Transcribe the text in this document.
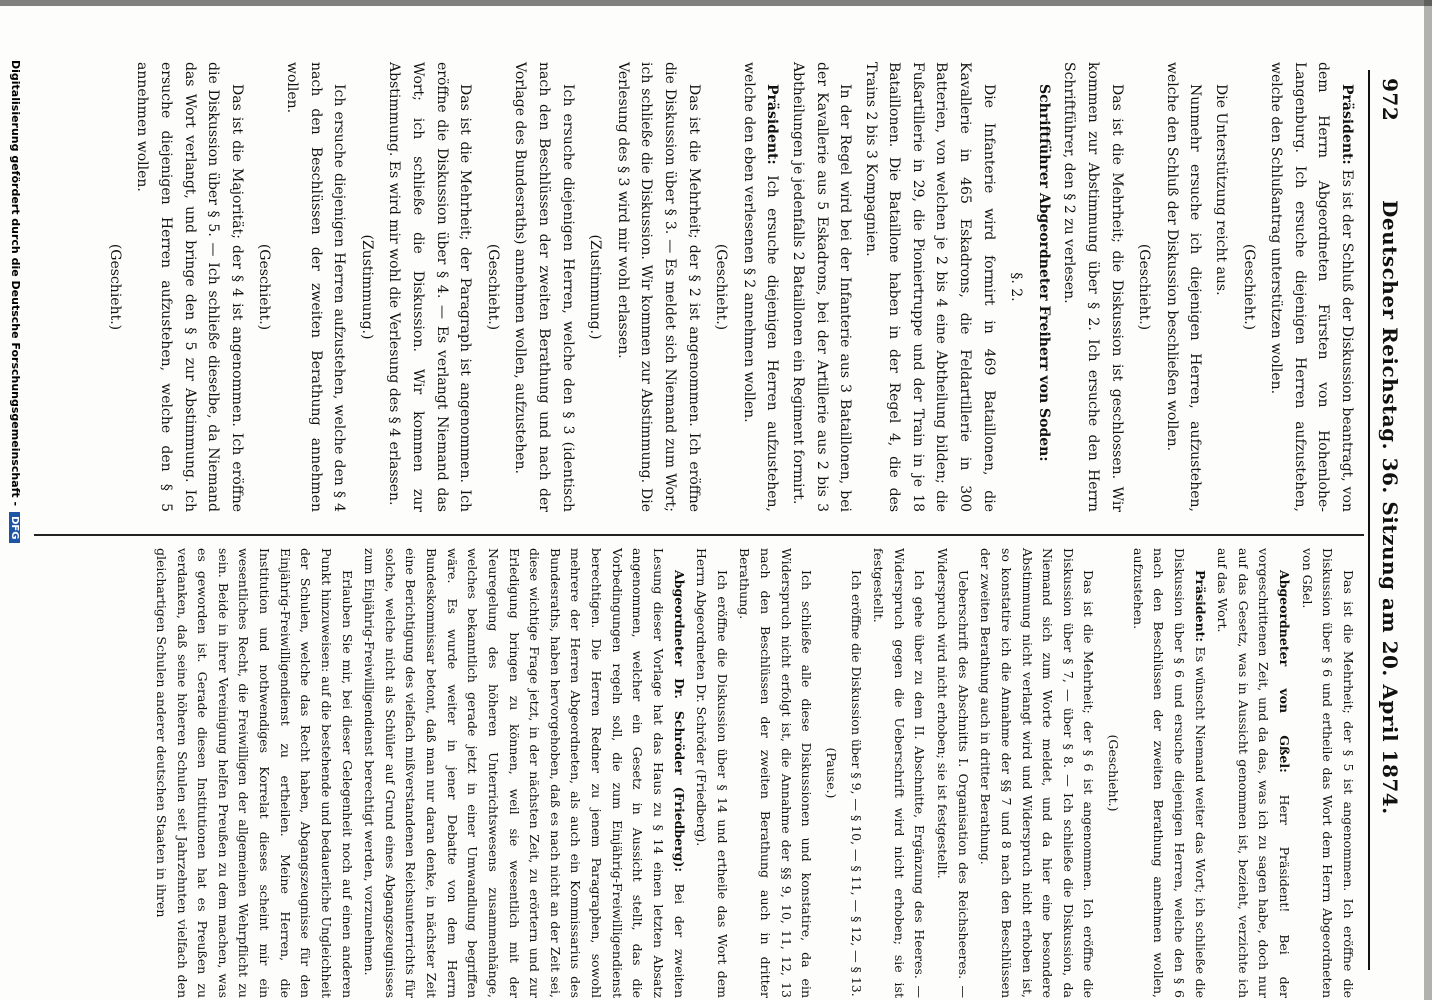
972
Deutscher Reichstag. 36. Sitzung am 20. April 1874.

Präsident: Es ist der Schluß der Diskussion beantragt, von dem Herrn Abgeordneten Fürsten von Hohenlohe-Langenburg. Ich ersuche diejenigen Herren aufzustehen, welche den Schlußantrag unterstützen wollen.

(Geschieht.)

Die Unterstützung reicht aus.

Nunmehr ersuche ich diejenigen Herren, aufzustehen, welche den Schluß der Diskussion beschließen wollen.

(Geschieht.)

Das ist die Mehrheit; die Diskussion ist geschlossen. Wir kommen zur Abstimmung über § 2. Ich ersuche den Herrn Schriftführer, den § 2 zu verlesen.

Schriftführer Abgeordneter Freiherr von Soden:

§. 2.

Die Infanterie wird formirt in 469 Bataillonen, die Kavallerie in 465 Eskadrons, die Feldartillerie in 300 Batterien, von welchen je 2 bis 4 eine Abtheilung bilden; die Fußartillerie in 29, die Pioniertruppe und der Train in je 18 Bataillonen. Die Bataillone haben in der Regel 4, die des Trains 2 bis 3 Kompagnien.

In der Regel wird bei der Infanterie aus 3 Bataillonen, bei der Kavallerie aus 5 Eskadrons, bei der Artillerie aus 2 bis 3 Abtheilungen je jedenfalls 2 Bataillonen ein Regiment formirt.

Präsident: Ich ersuche diejenigen Herren aufzustehen, welche den eben verlesenen § 2 annehmen wollen.

(Geschieht.)

Das ist die Mehrheit; der § 2 ist angenommen. Ich eröffne die Diskussion über § 3. — Es meldet sich Niemand zum Wort; ich schließe die Diskussion. Wir kommen zur Abstimmung. Die Verlesung des § 3 wird mir wohl erlassen.

(Zustimmung.)

Ich ersuche diejenigen Herren, welche den § 3 (identisch nach den Beschlüssen der zweiten Berathung und nach der Vorlage des Bundesraths) annehmen wollen, aufzustehen.

(Geschieht.)

Das ist die Mehrheit; der Paragraph ist angenommen. Ich eröffne die Diskussion über § 4. — Es verlangt Niemand das Wort; ich schließe die Diskussion. Wir kommen zur Abstimmung. Es wird mir wohl die Verlesung des § 4 erlassen.

(Zustimmung.)

Ich ersuche diejenigen Herren aufzustehen, welche den § 4 nach den Beschlüssen der zweiten Berathung annehmen wollen.

(Geschieht.)

Das ist die Majorität; der § 4 ist angenommen. Ich eröffne die Diskussion über § 5. — Ich schließe dieselbe, da Niemand das Wort verlangt, und bringe den § 5 zur Abstimmung. Ich ersuche diejenigen Herren aufzustehen, welche den § 5 annehmen wollen.

(Geschieht.)

Das ist die Mehrheit; der § 5 ist angenommen. Ich eröffne die Diskussion über § 6 und ertheile das Wort dem Herrn Abgeordneten von Gßel.

Abgeordneter von Gßel: Herr Präsident! Bei der vorgeschrittenen Zeit, und da das, was ich zu sagen habe, doch nur auf das Gesetz, was in Aussicht genommen ist, bezieht, verzichte ich auf das Wort.

Präsident: Es wünscht Niemand weiter das Wort; ich schließe die Diskussion über § 6 und ersuche diejenigen Herren, welche den § 6 nach den Beschlüssen der zweiten Berathung annehmen wollen, aufzustehen.

(Geschieht.)

Das ist die Mehrheit; der § 6 ist angenommen. Ich eröffne die Diskussion über § 7, — über § 8. — Ich schließe die Diskussion, da Niemand sich zum Worte meldet, und da hier eine besondere Abstimmung nicht verlangt wird und Widerspruch nicht erhoben ist, so konstatire ich die Annahme der §§ 7 und 8 nach den Beschlüssen der zweiten Berathung auch in dritter Berathung.

Ueberschrift des Abschnitts I. Organisation des Reichsheeres. — Widerspruch wird nicht erhoben; sie ist festgestellt.

Ich gehe über zu dem II. Abschnitte, Ergänzung des Heeres. — Widerspruch gegen die Ueberschrift wird nicht erhoben; sie ist festgestellt.

Ich eröffne die Diskussion über § 9, — § 10, — § 11, — § 12, — § 13.

(Pause.)

Ich schließe alle diese Diskussionen und konstatire, da ein Widerspruch nicht erfolgt ist, die Annahme der §§ 9, 10, 11, 12, 13 nach den Beschlüssen der zweiten Berathung auch in dritter Berathung.

Ich eröffne die Diskussion über § 14 und ertheile das Wort dem Herrn Abgeordneten Dr. Schröder (Friedberg).

Abgeordneter Dr. Schröder (Friedberg): Bei der zweiten Lesung dieser Vorlage hat das Haus zu § 14 einen letzten Absatz angenommen, welcher ein Gesetz in Aussicht stellt, das die Vorbedingungen regeln soll, die zum Einjährig-Freiwilligendienst berechtigen. Die Herren Redner zu jenem Paragraphen, sowohl mehrere der Herren Abgeordneten, als auch ein Kommissarius des Bundesraths, haben hervorgehoben, daß es nach nicht an der Zeit sei, diese wichtige Frage jetzt, in der nächsten Zeit, zu erörtern und zur Erledigung bringen zu können, weil sie wesentlich mit der Neuregelung des höheren Unterrichtswesens zusammenhänge, welches bekanntlich gerade jetzt in einer Umwandlung begriffen wäre. Es wurde weiter in jener Debatte von dem Herrn Bundeskommissar betont, daß man nur daran denke, in nächster Zeit eine Berichtigung des vielfach mißverstandenen Reichsunterrichts für solche, welche nicht als Schüler auf Grund eines Abgangszeugnisses zum Einjährig-Freiwilligendienst berechtigt werden, vorzunehmen.

Erlauben Sie mir, bei dieser Gelegenheit noch auf einen anderen Punkt hinzuweisen: auf die bestehende und bedauerliche Ungleichheit der Schulen, welche das Recht haben, Abgangszeugnisse für den Einjährig-Freiwilligendienst zu ertheilen. Meine Herren, die Institution und nothwendiges Korrelat dieses scheint mir ein wesentliches Recht, die Freiwilligen der allgemeinen Wehrpflicht zu sein. Beide in ihrer Vereinigung helfen Preußen zu dem machen, was es geworden ist. Gerade diesen Institutionen hat es Preußen zu verdanken, daß seine höheren Schulen seit Jahrzehnten vielfach den gleichartigen Schulen anderer deutschen Staaten in ihren

Digitalisierung gefördert durch die Deutsche Forschungsgemeinschaft -DFG
